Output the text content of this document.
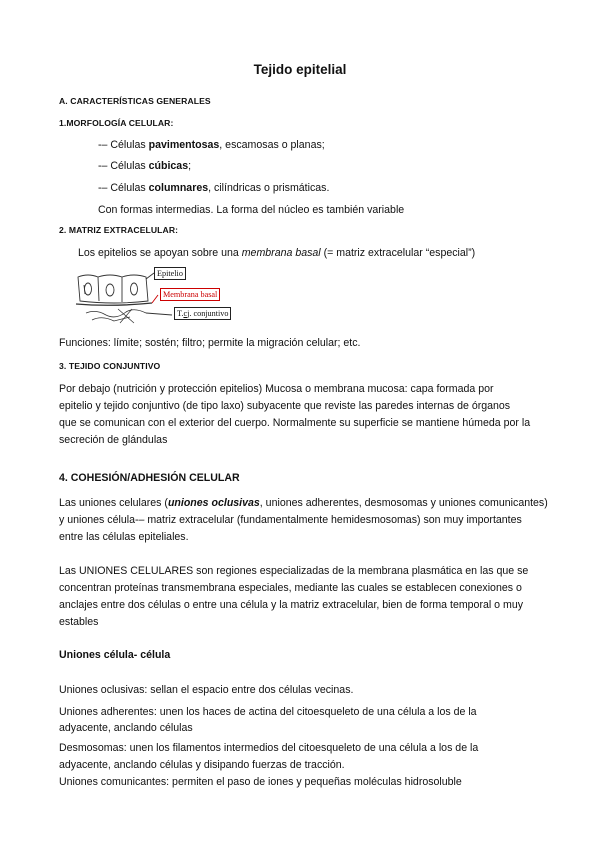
Tejido epitelial
A. CARACTERÍSTICAS GENERALES
1.MORFOLOGÍA CELULAR:
-– Células pavimentosas, escamosas o planas;
-– Células cúbicas;
-– Células columnares, cilíndricas o prismáticas.
Con formas intermedias. La forma del núcleo es también variable
2. MATRIZ EXTRACELULAR:
Los epitelios se apoyan sobre una membrana basal (= matriz extracelular “especial”)
Epitelio
Membrana basal
T.cj. conjuntivo
Funciones: límite; sostén; filtro; permite la migración celular; etc.
3. TEJIDO CONJUNTIVO
Por debajo (nutrición y protección epitelios) Mucosa o membrana mucosa: capa formada por
epitelio y tejido conjuntivo (de tipo laxo) subyacente que reviste las paredes internas de órganos
que se comunican con el exterior del cuerpo. Normalmente su superficie se mantiene húmeda por la
secreción de glándulas
4. COHESIÓN/ADHESIÓN CELULAR
Las uniones celulares (uniones oclusivas, uniones adherentes, desmosomas y uniones comunicantes)
y uniones célula-– matriz extracelular (fundamentalmente hemidesmosomas) son muy importantes
entre las células epiteliales.
Las UNIONES CELULARES son regiones especializadas de la membrana plasmática en las que se
concentran proteínas transmembrana especiales, mediante las cuales se establecen conexiones o
anclajes entre dos células o entre una célula y la matriz extracelular, bien de forma temporal o muy
estables
Uniones célula- célula
Uniones oclusivas: sellan el espacio entre dos células vecinas.
Uniones adherentes: unen los haces de actina del citoesqueleto de una célula a los de la
adyacente, anclando células
Desmosomas: unen los filamentos intermedios del citoesqueleto de una célula a los de la
adyacente, anclando células y disipando fuerzas de tracción.
Uniones comunicantes: permiten el paso de iones y pequeñas moléculas hidrosoluble
